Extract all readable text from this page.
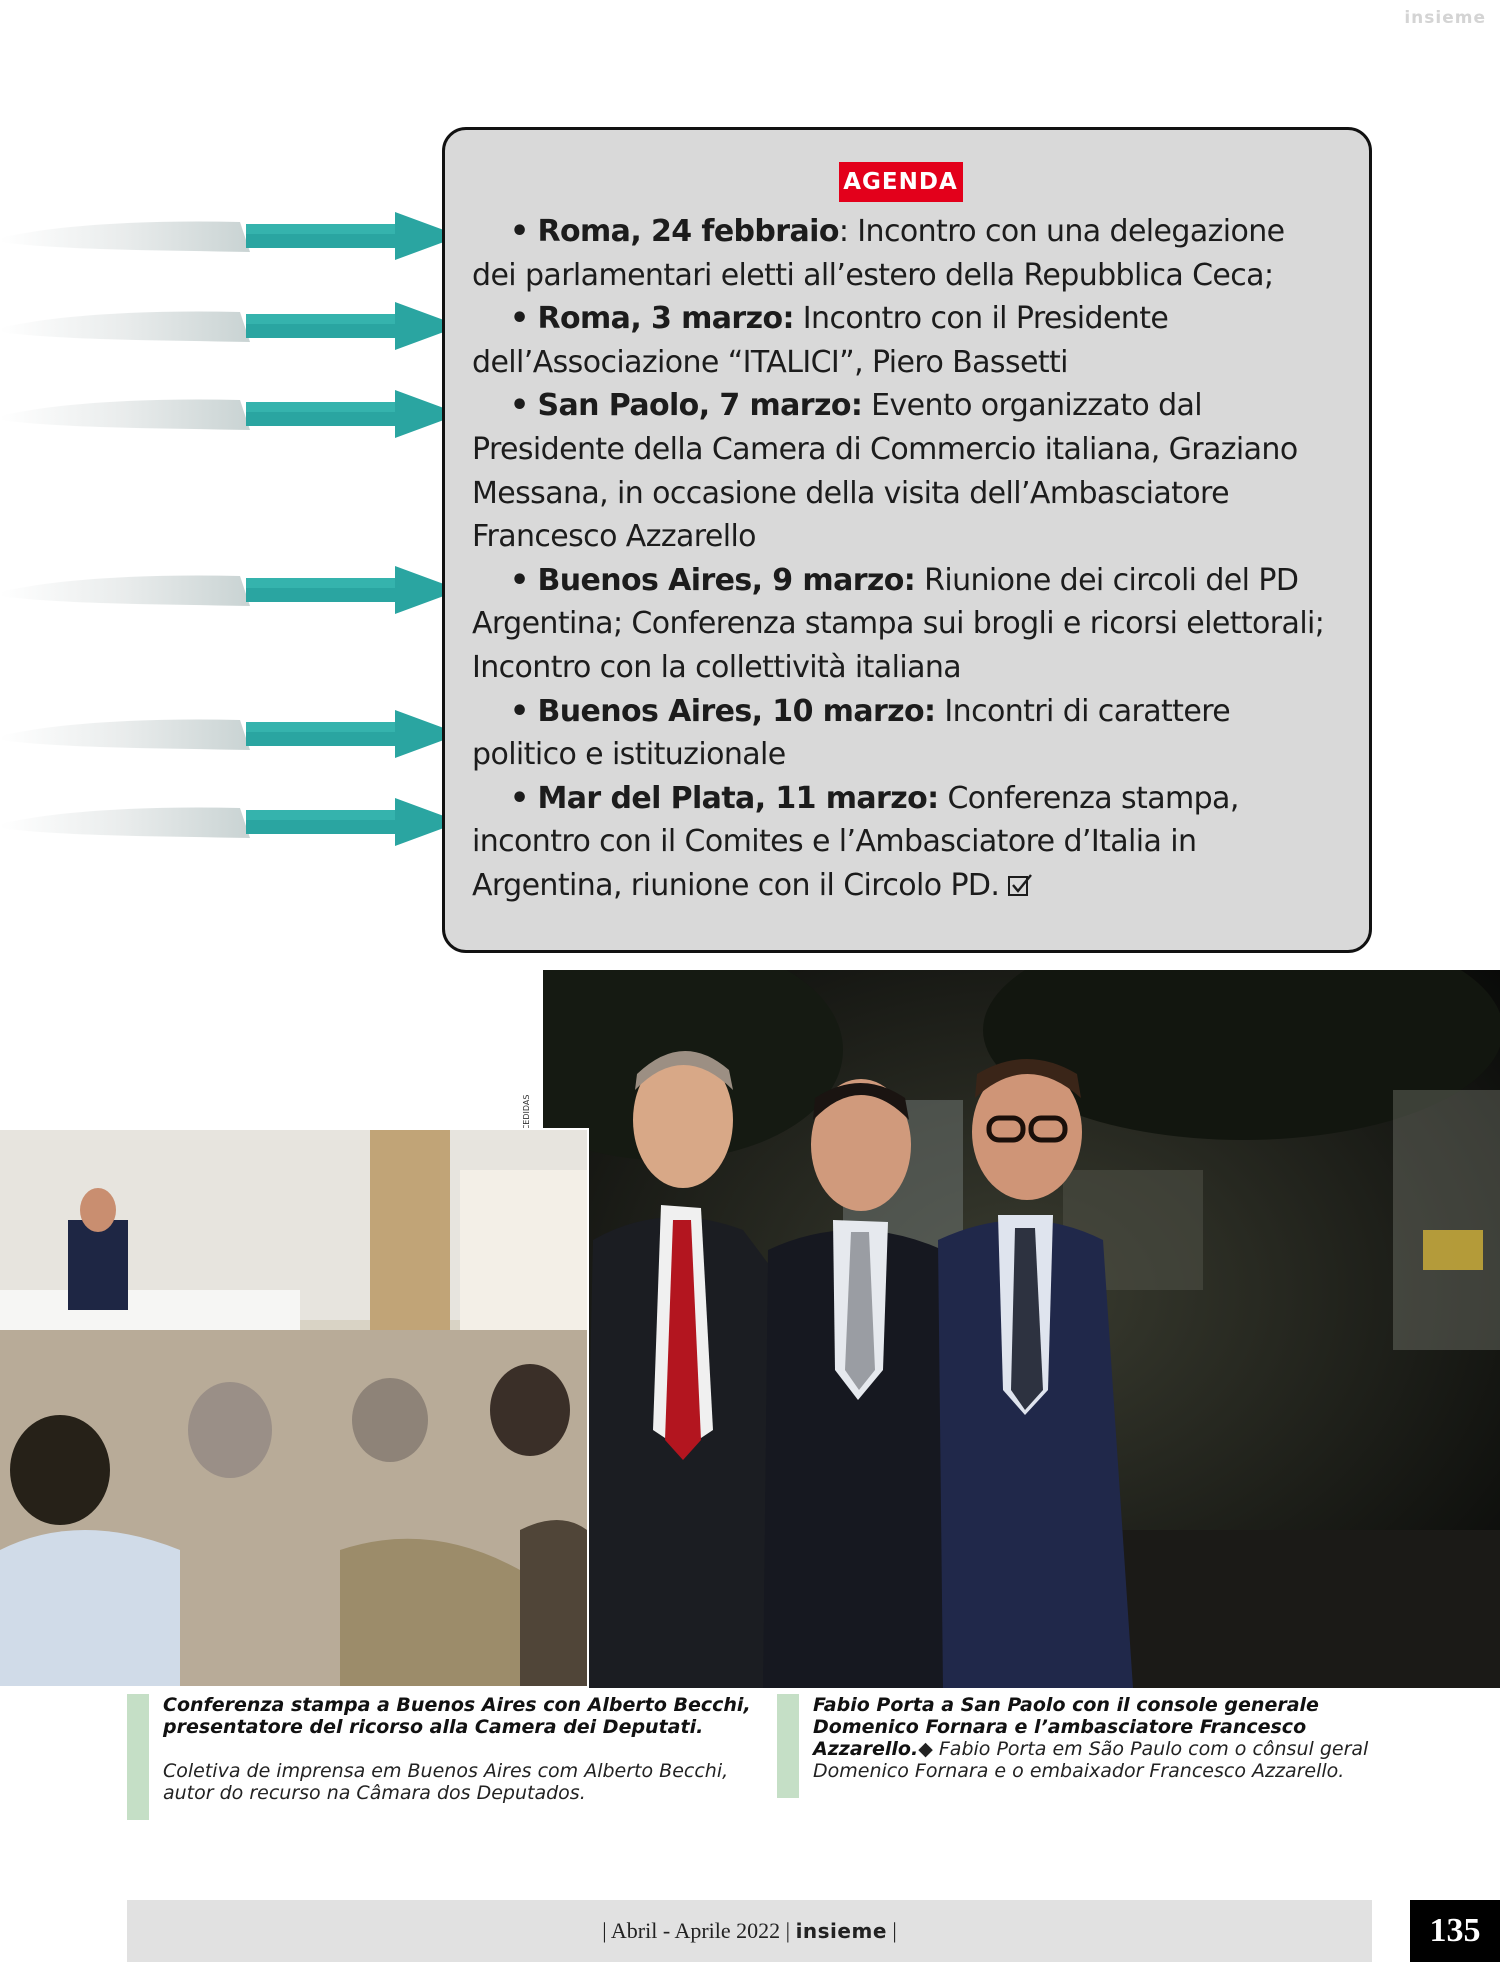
insieme
AGENDA
• Roma, 24 febbraio: Incontro con una delegazione dei parlamentari eletti all’estero della Repubblica Ceca;
• Roma, 3 marzo: Incontro con il Presidente dell’Associazione “ITALICI”, Piero Bassetti
• San Paolo, 7 marzo: Evento organizzato dal Presidente della Camera di Commercio italiana, Graziano Messana, in occasione della visita dell’Ambasciatore Francesco Azzarello
• Buenos Aires, 9 marzo: Riunione dei circoli del PD Argentina; Conferenza stampa sui brogli e ricorsi elettorali; Incontro con la collettività italiana
• Buenos Aires, 10 marzo: Incontri di carattere politico e istituzionale
• Mar del Plata, 11 marzo: Conferenza stampa, incontro con il Comites e l’Ambasciatore d’Italia in Argentina, riunione con il Circolo PD.

Conferenza stampa a Buenos Aires con Alberto Becchi, presentatore del ricorso alla Camera dei Deputati.

Coletiva de imprensa em Buenos Aires com Alberto Becchi, autor do recurso na Câmara dos Deputados.

Fabio Porta a San Paolo con il console generale Domenico Fornara e l’ambasciatore Francesco Azzarello.◆ Fabio Porta em São Paulo com o cônsul geral Domenico Fornara e o embaixador Francesco Azzarello.

| Abril - Aprile 2022 | insieme |	135
